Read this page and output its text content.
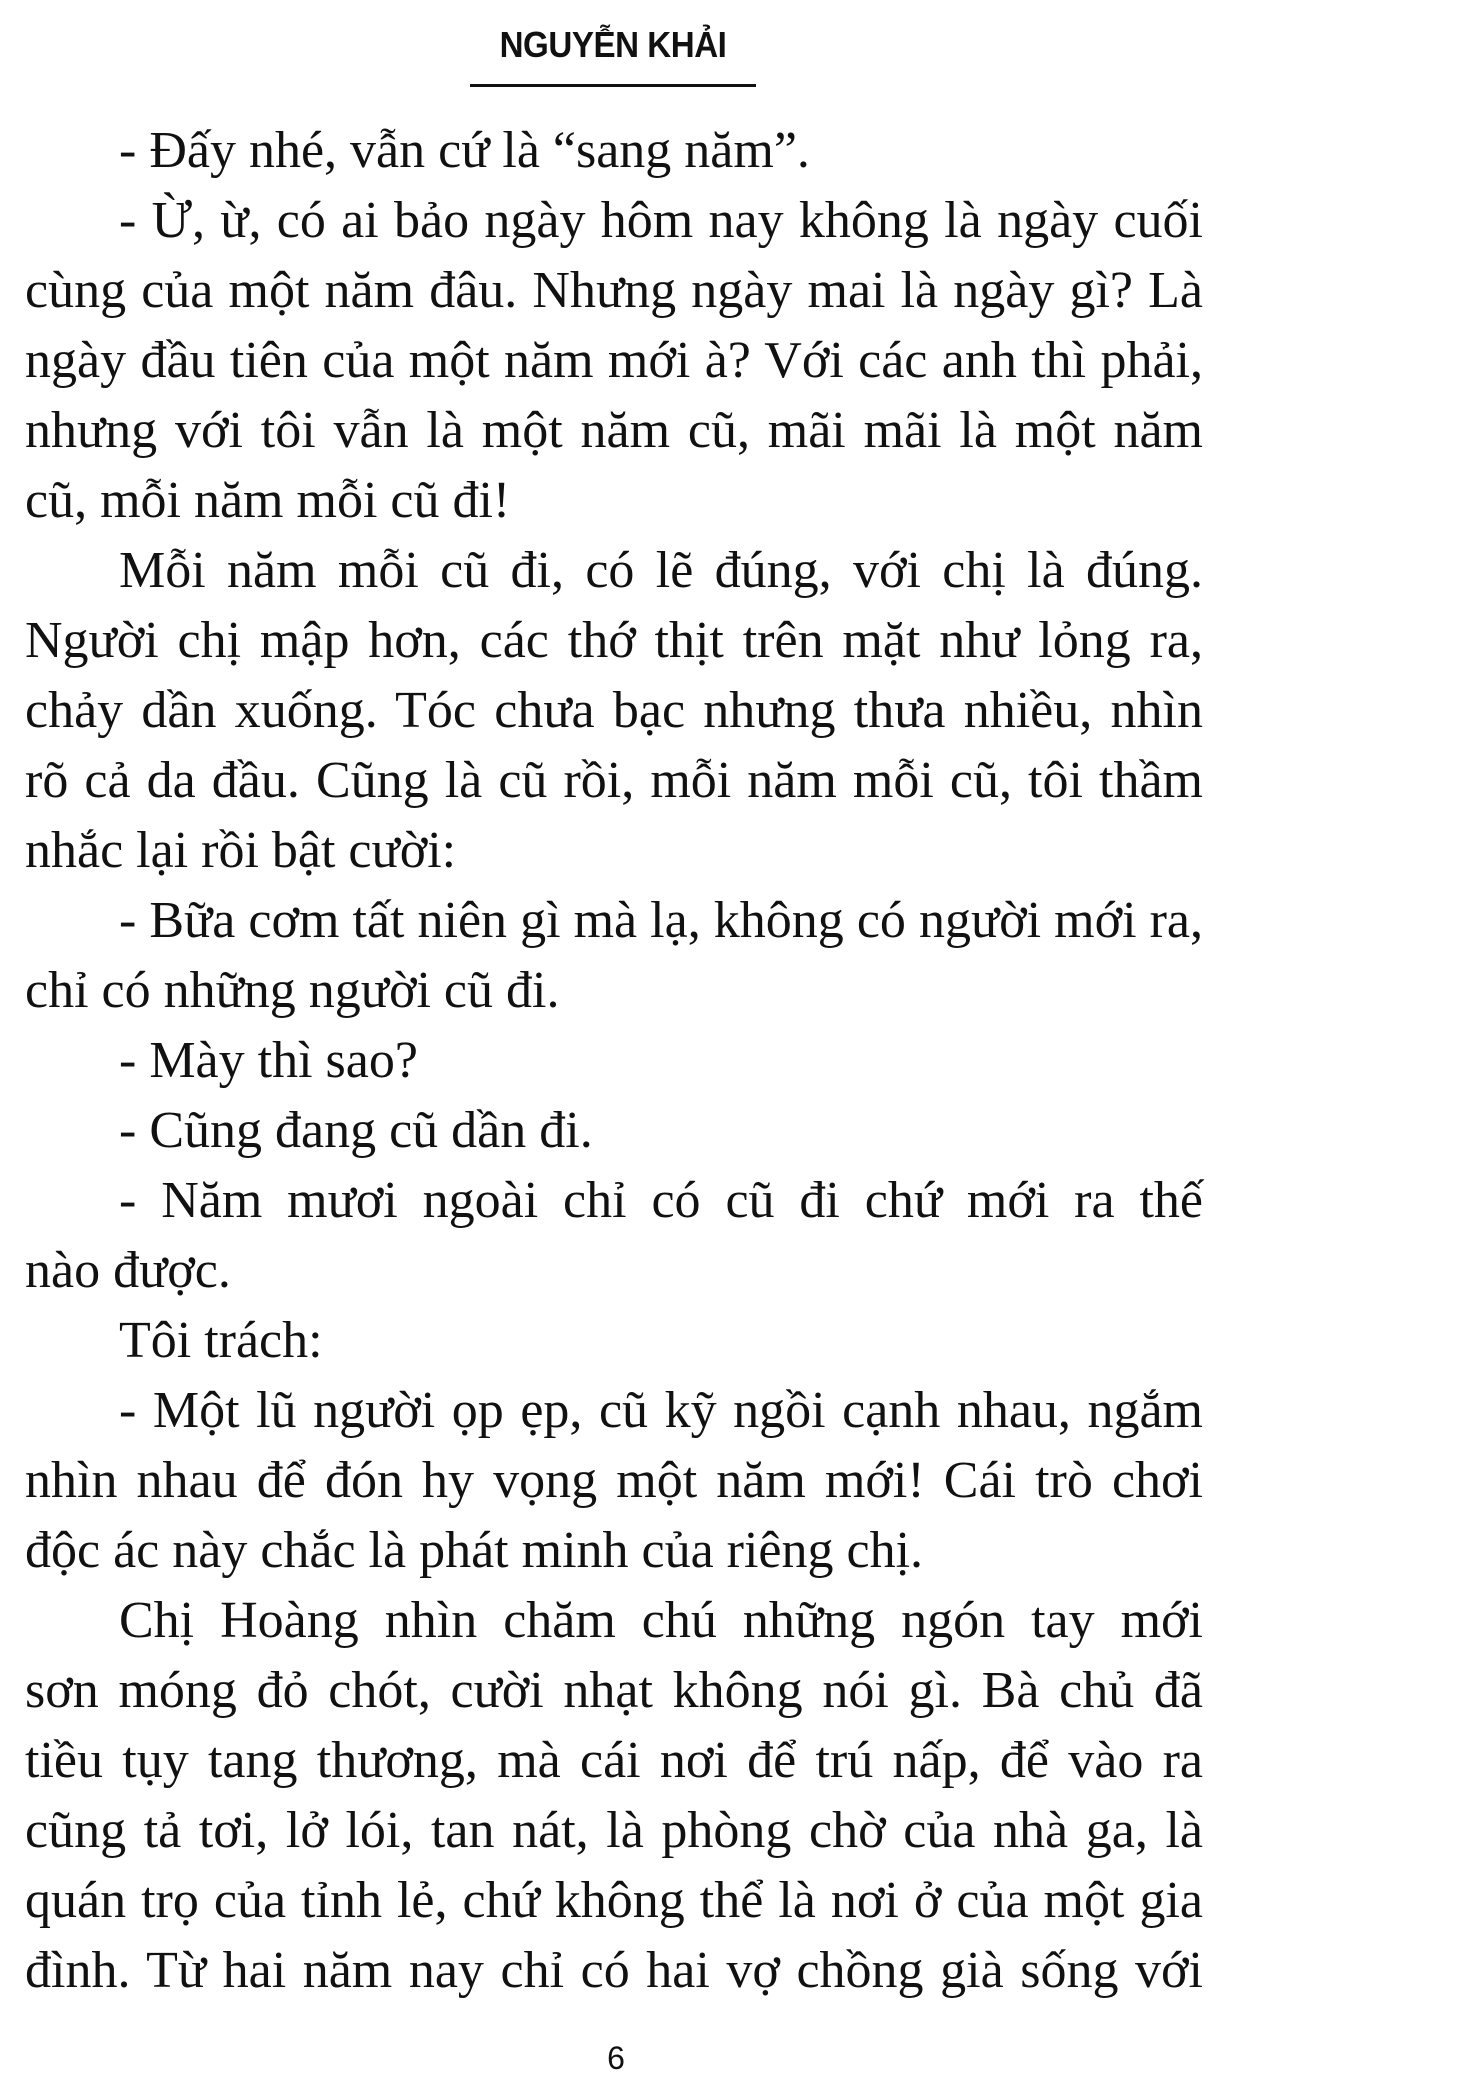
NGUYỄN KHẢI
- Đấy nhé, vẫn cứ là “sang năm”.
- Ừ, ừ, có ai bảo ngày hôm nay không là ngày cuối
cùng của một năm đâu. Nhưng ngày mai là ngày gì? Là
ngày đầu tiên của một năm mới à? Với các anh thì phải,
nhưng với tôi vẫn là một năm cũ, mãi mãi là một năm
cũ, mỗi năm mỗi cũ đi!
Mỗi năm mỗi cũ đi, có lẽ đúng, với chị là đúng.
Người chị mập hơn, các thớ thịt trên mặt như lỏng ra,
chảy dần xuống. Tóc chưa bạc nhưng thưa nhiều, nhìn
rõ cả da đầu. Cũng là cũ rồi, mỗi năm mỗi cũ, tôi thầm
nhắc lại rồi bật cười:
- Bữa cơm tất niên gì mà lạ, không có người mới ra,
chỉ có những người cũ đi.
- Mày thì sao?
- Cũng đang cũ dần đi.
- Năm mươi ngoài chỉ có cũ đi chứ mới ra thế
nào được.
Tôi trách:
- Một lũ người ọp ẹp, cũ kỹ ngồi cạnh nhau, ngắm
nhìn nhau để đón hy vọng một năm mới! Cái trò chơi
độc ác này chắc là phát minh của riêng chị.
Chị Hoàng nhìn chăm chú những ngón tay mới
sơn móng đỏ chót, cười nhạt không nói gì. Bà chủ đã
tiều tụy tang thương, mà cái nơi để trú nấp, để vào ra
cũng tả tơi, lở lói, tan nát, là phòng chờ của nhà ga, là
quán trọ của tỉnh lẻ, chứ không thể là nơi ở của một gia
đình. Từ hai năm nay chỉ có hai vợ chồng già sống với
6
